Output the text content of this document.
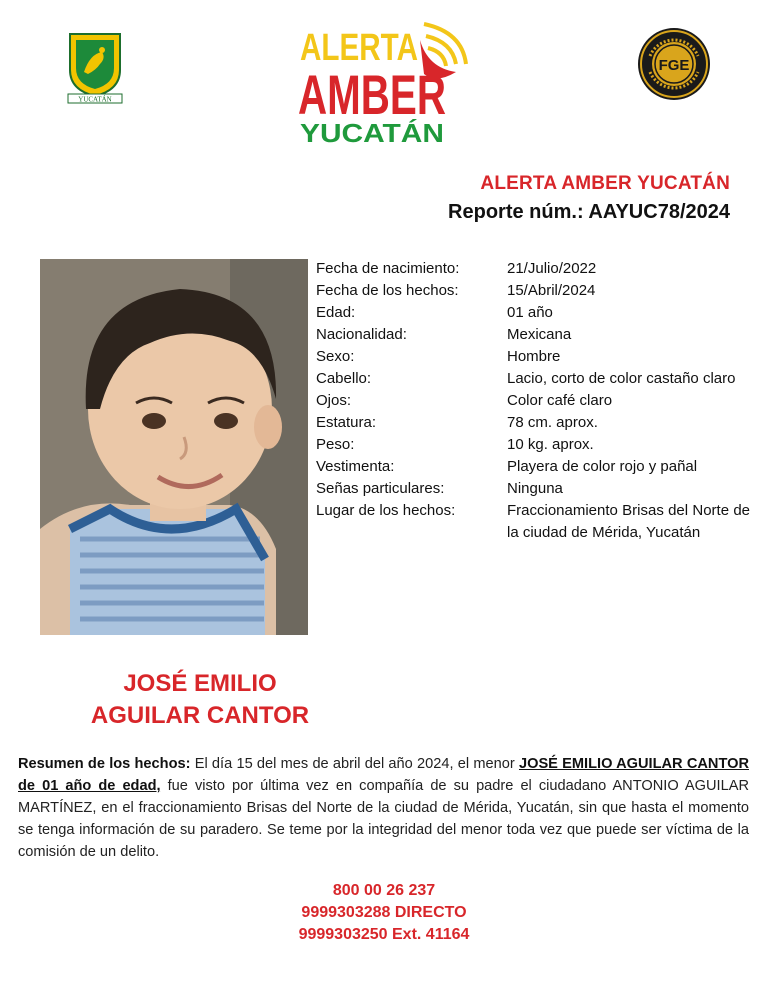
YUCATÁN
ALERTA
AMBER
YUCATÁN
FGE
ALERTA AMBER YUCATÁN
Reporte núm.: AAYUC78/2024
Fecha de nacimiento:	21/Julio/2022
Fecha de los hechos:	15/Abril/2024
Edad:	01 año
Nacionalidad:	Mexicana
Sexo:	Hombre
Cabello:	Lacio, corto de color castaño claro
Ojos:	Color café claro
Estatura:	78 cm. aprox.
Peso:	10 kg. aprox.
Vestimenta:	Playera de color rojo y pañal
Señas particulares:	Ninguna
Lugar de los hechos:	Fraccionamiento Brisas del Norte de la ciudad de Mérida, Yucatán
JOSÉ EMILIO
AGUILAR CANTOR
Resumen de los hechos: El día 15 del mes de abril del año 2024, el menor JOSÉ EMILIO AGUILAR CANTOR de 01 año de edad, fue visto por última vez en compañía de su padre el ciudadano ANTONIO AGUILAR MARTÍNEZ, en el fraccionamiento Brisas del Norte de la ciudad de Mérida, Yucatán, sin que hasta el momento se tenga información de su paradero. Se teme por la integridad del menor toda vez que puede ser víctima de la comisión de un delito.
800 00 26 237
9999303288 DIRECTO
9999303250 Ext. 41164
